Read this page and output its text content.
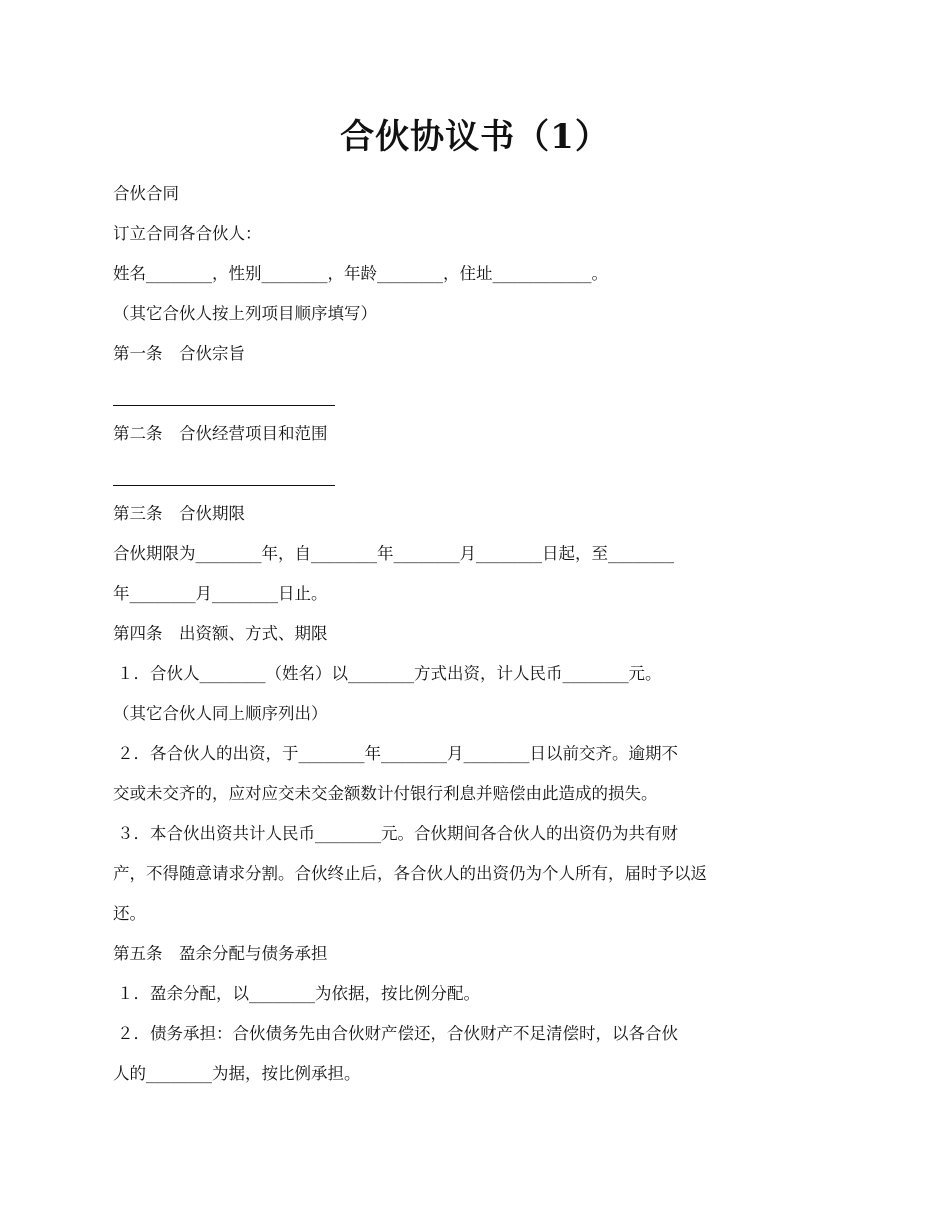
合伙协议书（1）
合伙合同
订立合同各合伙人：
姓名________，性别________，年龄________，住址____________。
（其它合伙人按上列项目顺序填写）
第一条　合伙宗旨
第二条　合伙经营项目和范围
第三条　合伙期限
合伙期限为________年，自________年________月________日起，至________
年________月________日止。
第四条　出资额、方式、期限
１．合伙人________（姓名）以________方式出资，计人民币________元。
（其它合伙人同上顺序列出）
２．各合伙人的出资，于________年________月________日以前交齐。逾期不
交或未交齐的，应对应交未交金额数计付银行利息并赔偿由此造成的损失。
３．本合伙出资共计人民币________元。合伙期间各合伙人的出资仍为共有财
产，不得随意请求分割。合伙终止后，各合伙人的出资仍为个人所有，届时予以返
还。
第五条　盈余分配与债务承担
１．盈余分配，以________为依据，按比例分配。
２．债务承担：合伙债务先由合伙财产偿还，合伙财产不足清偿时，以各合伙
人的________为据，按比例承担。
